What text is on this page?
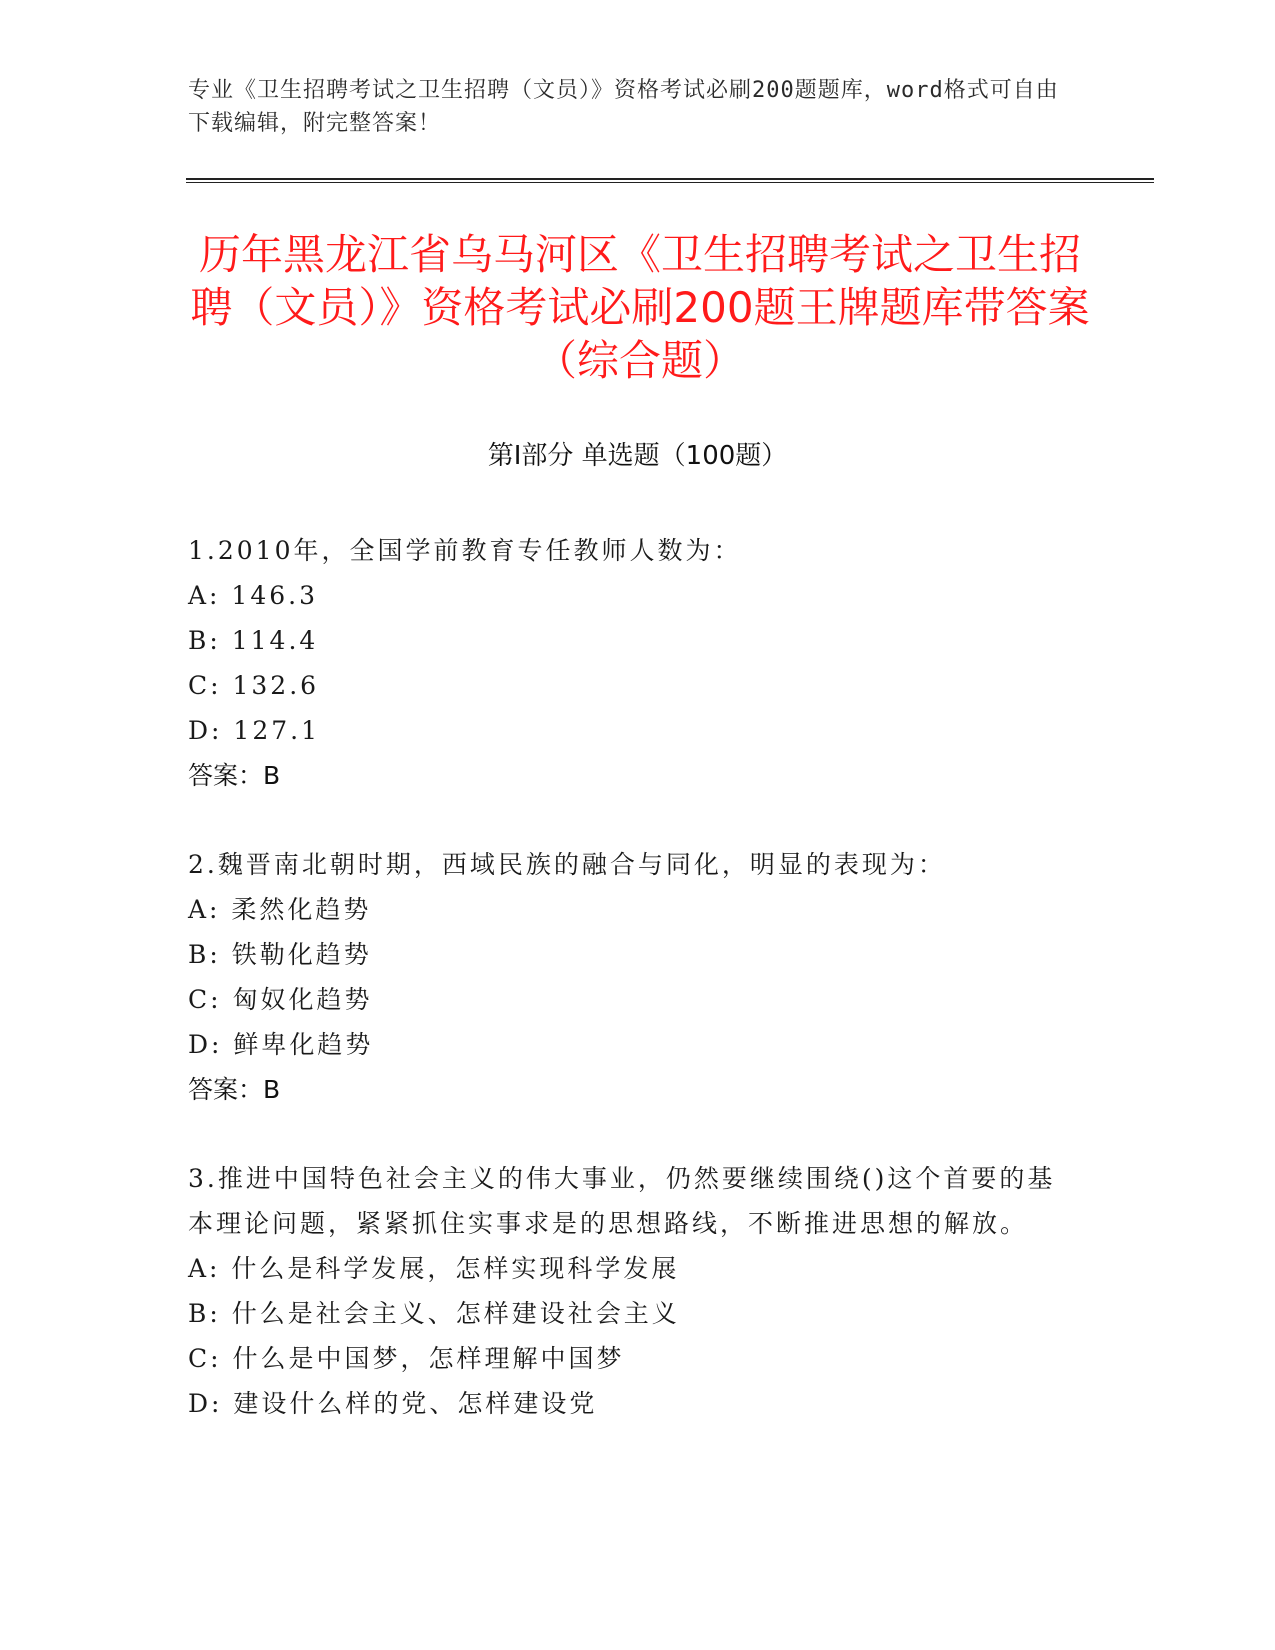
专业《卫生招聘考试之卫生招聘（文员）》资格考试必刷200题题库，word格式可自由下载编辑，附完整答案！
历年黑龙江省乌马河区《卫生招聘考试之卫生招聘（文员）》资格考试必刷200题王牌题库带答案（综合题）
第I部分 单选题（100题）
1.2010年，全国学前教育专任教师人数为：
A: 146.3
B: 114.4
C: 132.6
D: 127.1
答案：B
2.魏晋南北朝时期，西域民族的融合与同化，明显的表现为：
A: 柔然化趋势
B: 铁勒化趋势
C: 匈奴化趋势
D: 鲜卑化趋势
答案：B
3.推进中国特色社会主义的伟大事业，仍然要继续围绕()这个首要的基本理论问题，紧紧抓住实事求是的思想路线，不断推进思想的解放。
A: 什么是科学发展，怎样实现科学发展
B: 什么是社会主义、怎样建设社会主义
C: 什么是中国梦，怎样理解中国梦
D: 建设什么样的党、怎样建设党
